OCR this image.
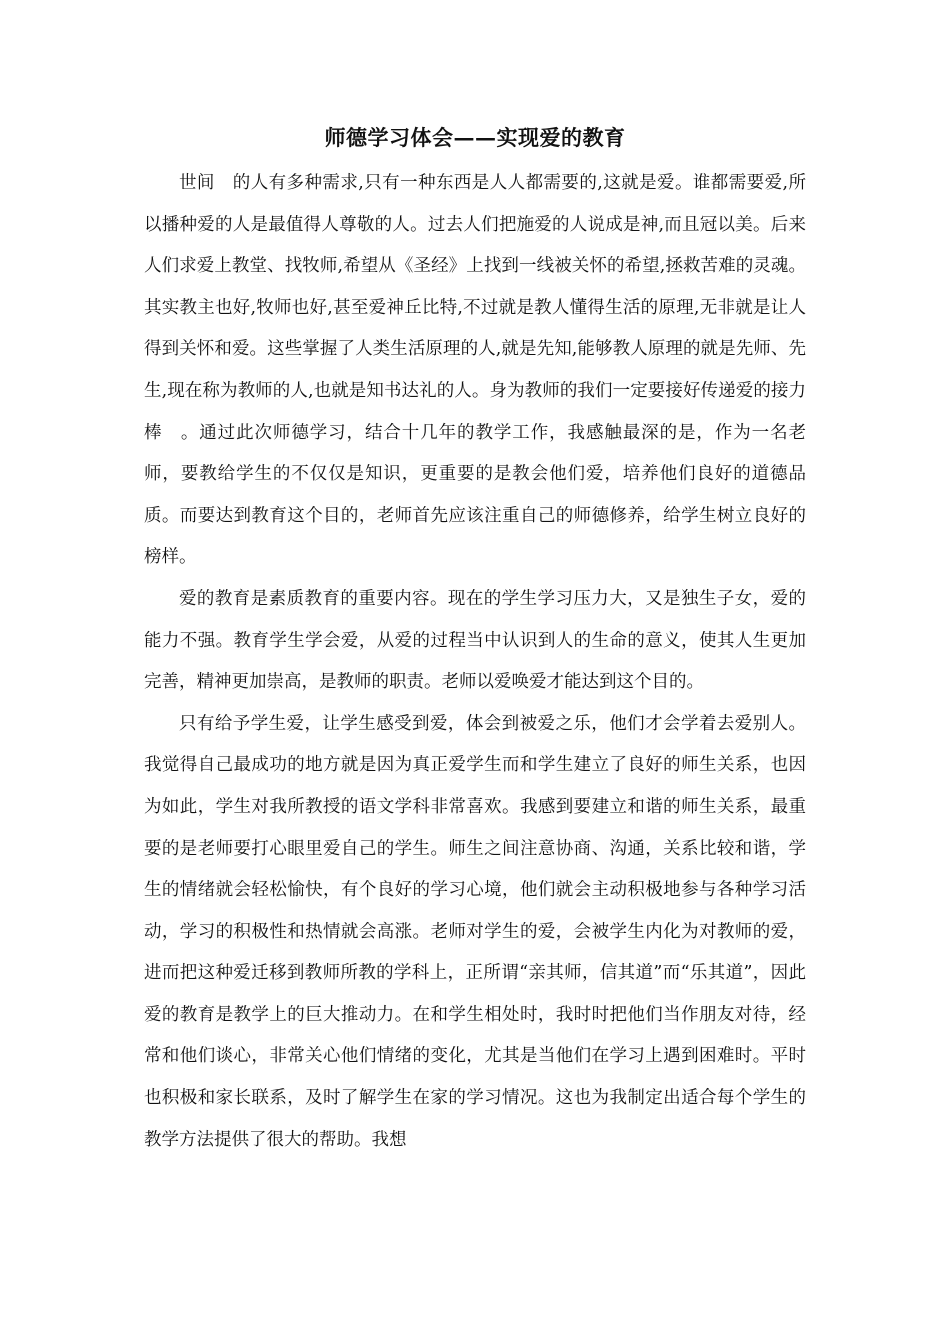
师德学习体会——实现爱的教育

世间　的人有多种需求,只有一种东西是人人都需要的,这就是爱。谁都需要爱,所以播种爱的人是最值得人尊敬的人。过去人们把施爱的人说成是神,而且冠以美。后来人们求爱上教堂、找牧师,希望从《圣经》上找到一线被关怀的希望,拯救苦难的灵魂。其实教主也好,牧师也好,甚至爱神丘比特,不过就是教人懂得生活的原理,无非就是让人得到关怀和爱。这些掌握了人类生活原理的人,就是先知,能够教人原理的就是先师、先生,现在称为教师的人,也就是知书达礼的人。身为教师的我们一定要接好传递爱的接力棒　。通过此次师德学习，结合十几年的教学工作，我感触最深的是，作为一名老师，要教给学生的不仅仅是知识，更重要的是教会他们爱，培养他们良好的道德品质。而要达到教育这个目的，老师首先应该注重自己的师德修养，给学生树立良好的榜样。

爱的教育是素质教育的重要内容。现在的学生学习压力大，又是独生子女，爱的能力不强。教育学生学会爱，从爱的过程当中认识到人的生命的意义，使其人生更加完善，精神更加崇高，是教师的职责。老师以爱唤爱才能达到这个目的。

只有给予学生爱，让学生感受到爱，体会到被爱之乐，他们才会学着去爱别人。我觉得自己最成功的地方就是因为真正爱学生而和学生建立了良好的师生关系，也因为如此，学生对我所教授的语文学科非常喜欢。我感到要建立和谐的师生关系，最重要的是老师要打心眼里爱自己的学生。师生之间注意协商、沟通，关系比较和谐，学生的情绪就会轻松愉快，有个良好的学习心境，他们就会主动积极地参与各种学习活动，学习的积极性和热情就会高涨。老师对学生的爱，会被学生内化为对教师的爱，进而把这种爱迁移到教师所教的学科上，正所谓“亲其师，信其道”而“乐其道”，因此爱的教育是教学上的巨大推动力。在和学生相处时，我时时把他们当作朋友对待，经常和他们谈心，非常关心他们情绪的变化，尤其是当他们在学习上遇到困难时。平时也积极和家长联系，及时了解学生在家的学习情况。这也为我制定出适合每个学生的教学方法提供了很大的帮助。我想
